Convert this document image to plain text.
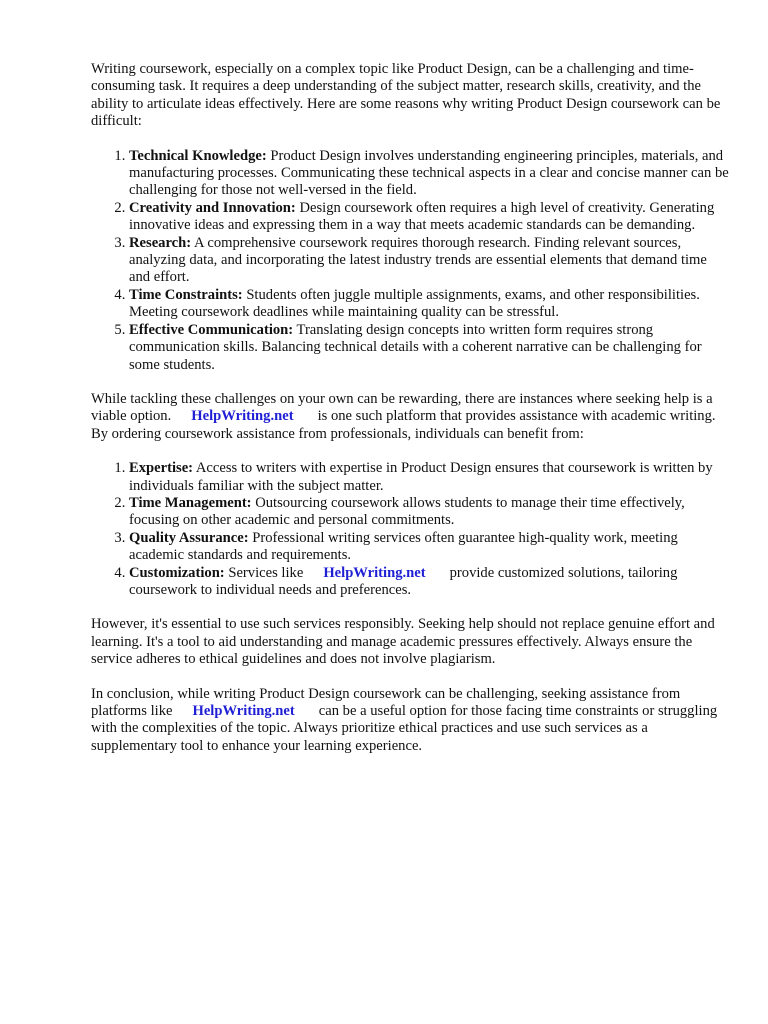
Writing coursework, especially on a complex topic like Product Design, can be a challenging and time-consuming task. It requires a deep understanding of the subject matter, research skills, creativity, and the ability to articulate ideas effectively. Here are some reasons why writing Product Design coursework can be difficult:

1. Technical Knowledge: Product Design involves understanding engineering principles, materials, and manufacturing processes. Communicating these technical aspects in a clear and concise manner can be challenging for those not well-versed in the field.
2. Creativity and Innovation: Design coursework often requires a high level of creativity. Generating innovative ideas and expressing them in a way that meets academic standards can be demanding.
3. Research: A comprehensive coursework requires thorough research. Finding relevant sources, analyzing data, and incorporating the latest industry trends are essential elements that demand time and effort.
4. Time Constraints: Students often juggle multiple assignments, exams, and other responsibilities. Meeting coursework deadlines while maintaining quality can be stressful.
5. Effective Communication: Translating design concepts into written form requires strong communication skills. Balancing technical details with a coherent narrative can be challenging for some students.

While tackling these challenges on your own can be rewarding, there are instances where seeking help is a viable option. HelpWriting.net is one such platform that provides assistance with academic writing. By ordering coursework assistance from professionals, individuals can benefit from:

1. Expertise: Access to writers with expertise in Product Design ensures that coursework is written by individuals familiar with the subject matter.
2. Time Management: Outsourcing coursework allows students to manage their time effectively, focusing on other academic and personal commitments.
3. Quality Assurance: Professional writing services often guarantee high-quality work, meeting academic standards and requirements.
4. Customization: Services like HelpWriting.net provide customized solutions, tailoring coursework to individual needs and preferences.

However, it's essential to use such services responsibly. Seeking help should not replace genuine effort and learning. It's a tool to aid understanding and manage academic pressures effectively. Always ensure the service adheres to ethical guidelines and does not involve plagiarism.

In conclusion, while writing Product Design coursework can be challenging, seeking assistance from platforms like HelpWriting.net can be a useful option for those facing time constraints or struggling with the complexities of the topic. Always prioritize ethical practices and use such services as a supplementary tool to enhance your learning experience.
